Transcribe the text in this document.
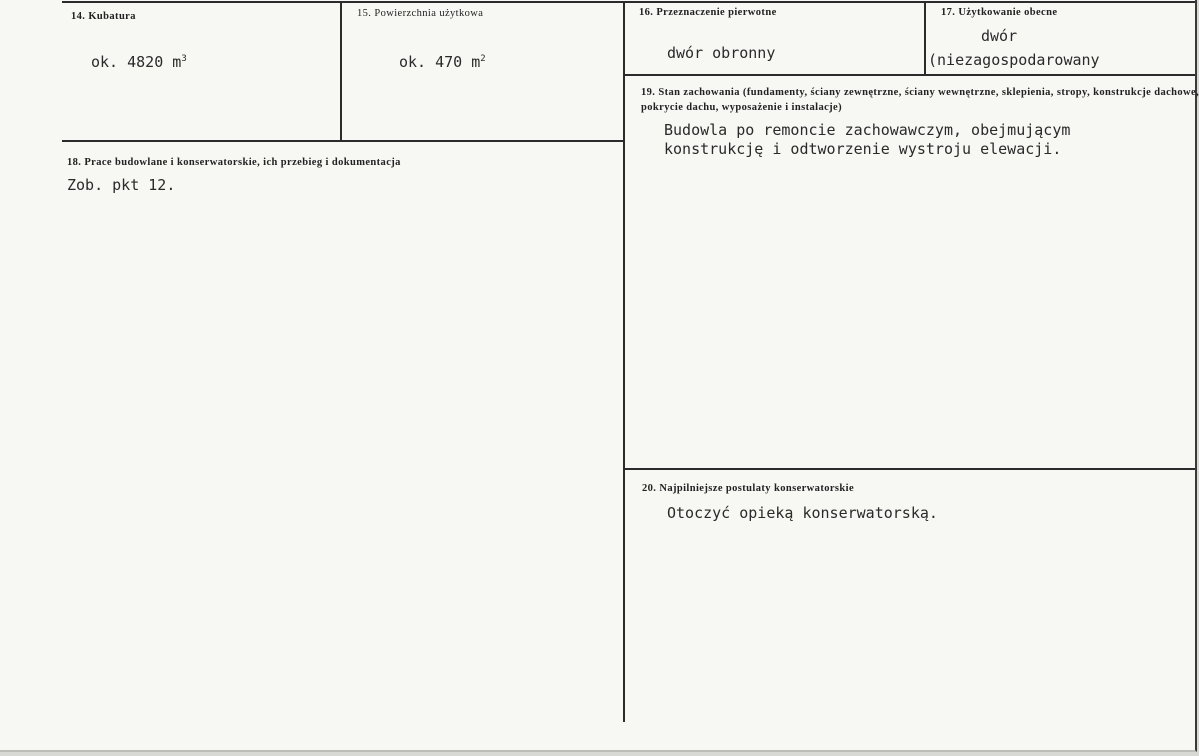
14. Kubatura
ok. 4820 $m^3$
15. Powierzchnia użytkowa
ok. 470 $m^2$
16. Przeznaczenie pierwotne
dwór obronny
17. Użytkowanie obecne
dwór
(niezagospodarowany
18. Prace budowlane i konserwatorskie, ich przebieg i dokumentacja
Zob. pkt 12.
19. Stan zachowania (fundamenty, ściany zewnętrzne, ściany wewnętrzne, sklepienia, stropy, konstrukcje dachowe, pokrycie dachu, wyposażenie i instalacje)
Budowla po remoncie zachowawczym, obejmującym
konstrukcję i odtworzenie wystroju elewacji.
20. Najpilniejsze postulaty konserwatorskie
Otoczyć opieką konserwatorską.
